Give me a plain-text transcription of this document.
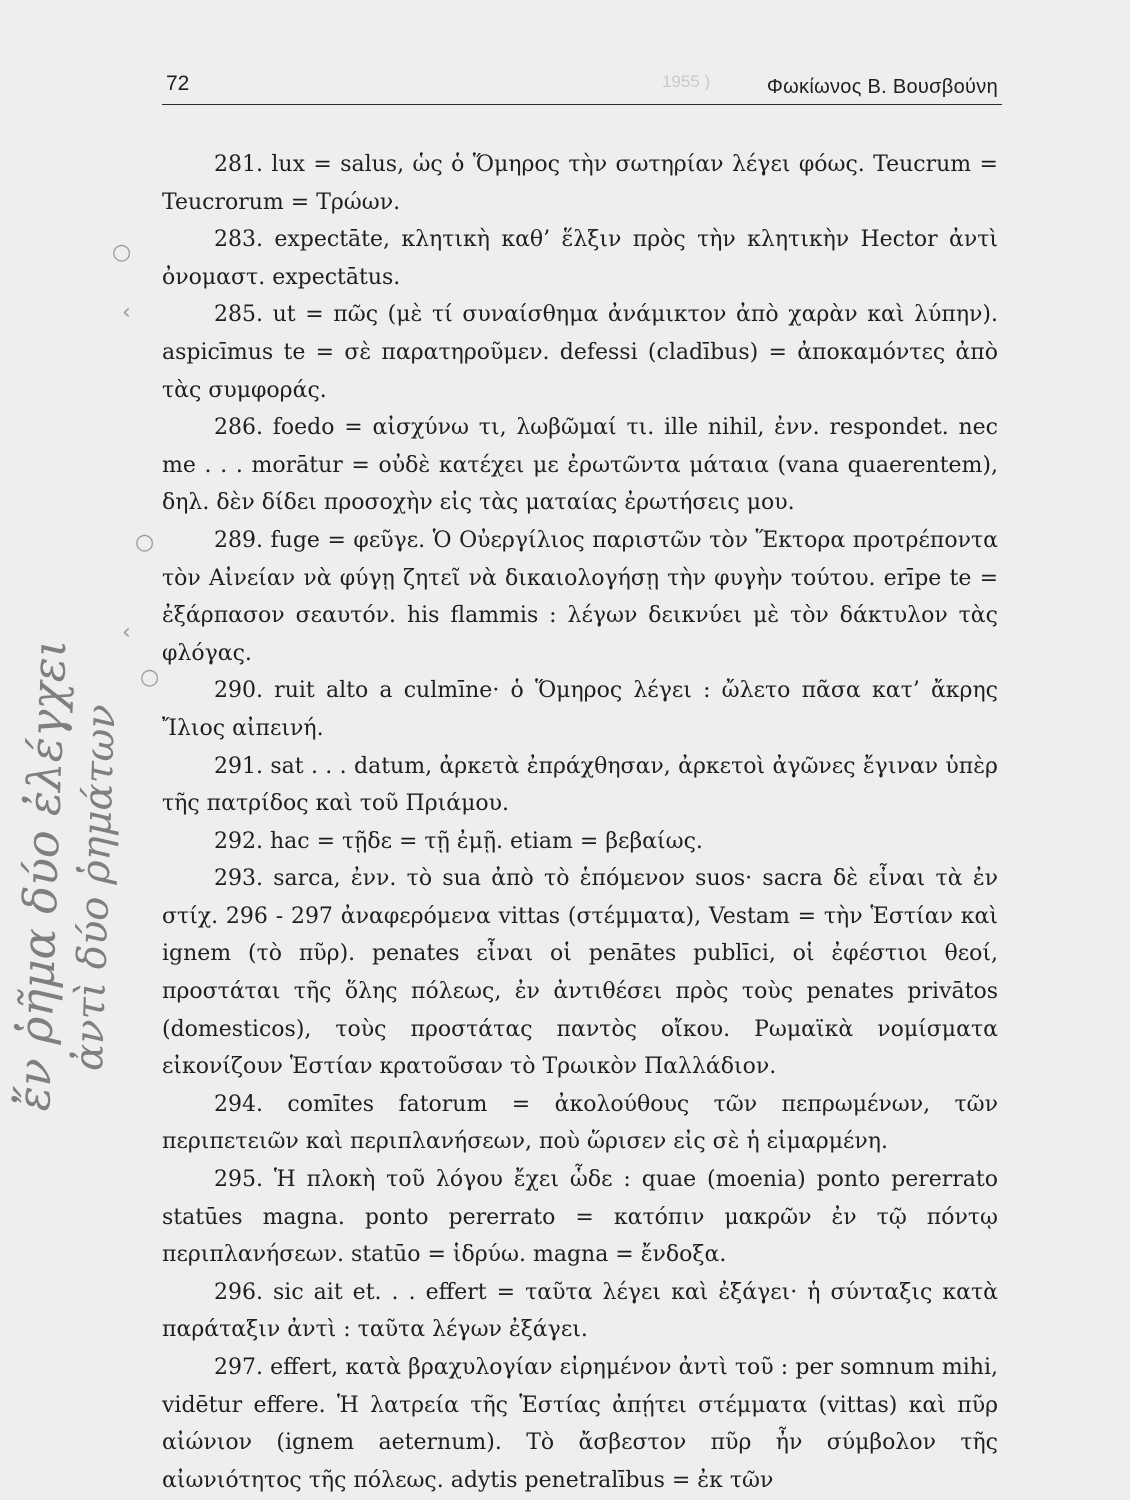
72	1955 )	Φωκίωνος Β. Βουσβούνη

281. lux = salus, ὡς ὁ Ὅμηρος τὴν σωτηρίαν λέγει φόως. Teucrum = Teucrorum = Τρώων.

283. expectāte, κλητικὴ καθ’ ἕλξιν πρὸς τὴν κλητικὴν Hector ἀντὶ ὀνομαστ. expectātus.

285. ut = πῶς (μὲ τί συναίσθημα ἀνάμικτον ἀπὸ χαρὰν καὶ λύπην). aspicīmus te = σὲ παρατηροῦμεν. defessi (cladībus) = ἀποκαμόντες ἀπὸ τὰς συμφοράς.

286. foedo = αἰσχύνω τι, λωβῶμαί τι. ille nihil, ἐνν. respondet. nec me . . . morātur = οὐδὲ κατέχει με ἐρωτῶντα μάταια (vana quaerentem), δηλ. δὲν δίδει προσοχὴν εἰς τὰς ματαίας ἐρωτήσεις μου.

289. fuge = φεῦγε. Ὁ Οὐεργίλιος παριστῶν τὸν Ἕκτορα προτρέποντα τὸν Αἰνείαν νὰ φύγῃ ζητεῖ νὰ δικαιολογήσῃ τὴν φυγὴν τούτου. erīpe te = ἐξάρπασον σεαυτόν. his flammis : λέγων δεικνύει μὲ τὸν δάκτυλον τὰς φλόγας.

290. ruit alto a culmīne· ὁ Ὅμηρος λέγει : ὤλετο πᾶσα κατ’ ἄκρης Ἴλιος αἰπεινή.

291. sat . . . datum, ἀρκετὰ ἐπράχθησαν, ἀρκετοὶ ἀγῶνες ἔγιναν ὑπὲρ τῆς πατρίδος καὶ τοῦ Πριάμου.

292. hac = τῇδε = τῇ ἐμῇ. etiam = βεβαίως.

293. sarca, ἐνν. τὸ sua ἀπὸ τὸ ἑπόμενον suos· sacra δὲ εἶναι τὰ ἐν στίχ. 296 - 297 ἀναφερόμενα vittas (στέμματα), Vestam = τὴν Ἑστίαν καὶ ignem (τὸ πῦρ). penates εἶναι οἱ penātes publīci, οἱ ἐφέστιοι θεοί, προστάται τῆς ὅλης πόλεως, ἐν ἀντιθέσει πρὸς τοὺς penates privātos (domesticos), τοὺς προστάτας παντὸς οἴκου. Ρωμαϊκὰ νομίσματα εἰκονίζουν Ἑστίαν κρατοῦσαν τὸ Τρωικὸν Παλλάδιον.

294. comītes fatorum = ἀκολούθους τῶν πεπρωμένων, τῶν περιπετειῶν καὶ περιπλανήσεων, ποὺ ὥρισεν εἰς σὲ ἡ εἱμαρμένη.

295. Ἡ πλοκὴ τοῦ λόγου ἔχει ὧδε : quae (moenia) ponto pererrato statūes magna. ponto pererrato = κατόπιν μακρῶν ἐν τῷ πόντῳ περιπλανήσεων. statūo = ἱδρύω. magna = ἔνδοξα.

296. sic ait et. . . effert = ταῦτα λέγει καὶ ἐξάγει· ἡ σύνταξις κατὰ παράταξιν ἀντὶ : ταῦτα λέγων ἐξάγει.

297. effert, κατὰ βραχυλογίαν εἰρημένον ἀντὶ τοῦ : per somnum mihi, vidētur effere. Ἡ λατρεία τῆς Ἑστίας ἀπῄτει στέμματα (vittas) καὶ πῦρ αἰώνιον (ignem aeternum). Τὸ ἄσβεστον πῦρ ἦν σύμβολον τῆς αἰωνιότητος τῆς πόλεως. adytis penetralībus = ἐκ τῶν

ἔν ῥῆμα δύο ἐλέγχει
ἀντὶ δύο ῥημάτων
○
○
○
‹
‹
